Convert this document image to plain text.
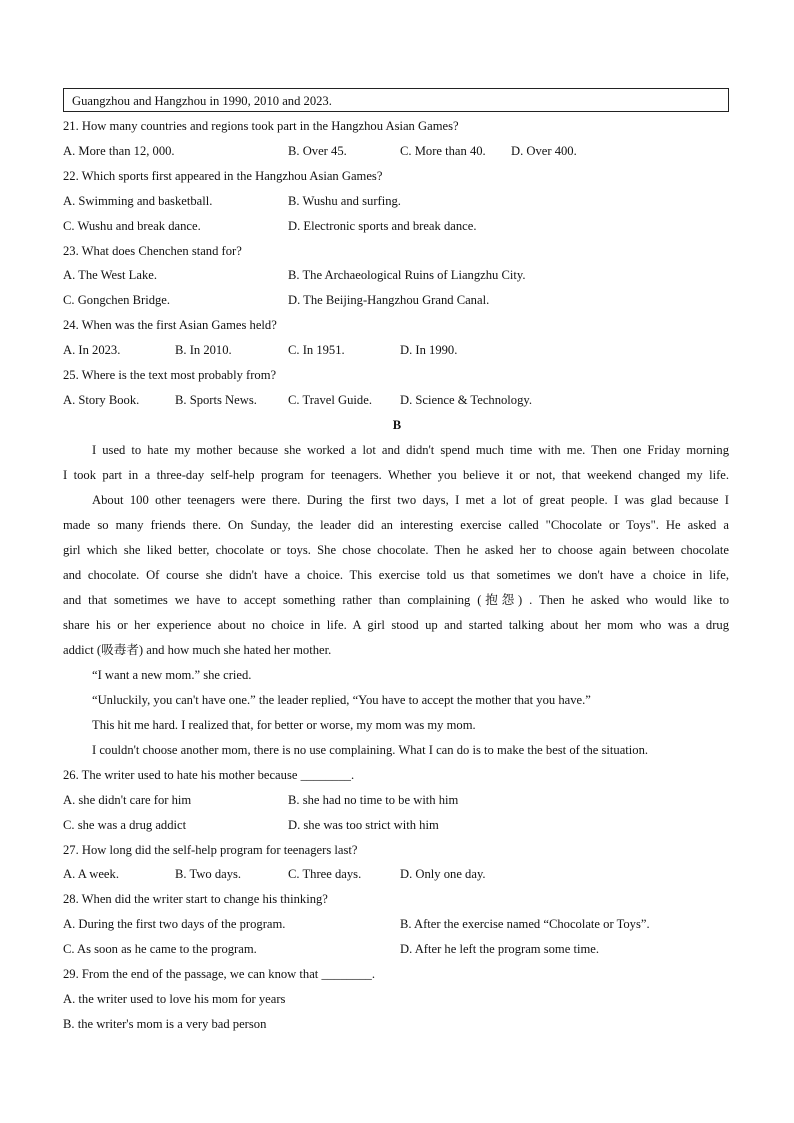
Guangzhou and Hangzhou in 1990, 2010 and 2023.
21. How many countries and regions took part in the Hangzhou Asian Games?
A. More than 12, 000.	B. Over 45.	C. More than 40. D. Over 400.
22. Which sports first appeared in the Hangzhou Asian Games?
A. Swimming and basketball.	B. Wushu and surfing.
C. Wushu and break dance.	D. Electronic sports and break dance.
23. What does Chenchen stand for?
A. The West Lake.	B. The Archaeological Ruins of Liangzhu City.
C. Gongchen Bridge.	D. The Beijing-Hangzhou Grand Canal.
24. When was the first Asian Games held?
A. In 2023.	B. In 2010.	C. In 1951.	D. In 1990.
25. Where is the text most probably from?
A. Story Book.	B. Sports News. C. Travel Guide. D. Science & Technology.
B
I used to hate my mother because she worked a lot and didn't spend much time with me. Then one Friday morning
I took part in a three-day self-help program for teenagers. Whether you believe it or not, that weekend changed my life.
About 100 other teenagers were there. During the first two days, I met a lot of great people. I was glad because I
made so many friends there. On Sunday, the leader did an interesting exercise called "Chocolate or Toys". He asked a
girl which she liked better, chocolate or toys. She chose chocolate. Then he asked her to choose again between chocolate
and chocolate. Of course she didn't have a choice. This exercise told us that sometimes we don't have a choice in life,
and that sometimes we have to accept something rather than complaining (抱怨) . Then he asked who would like to
share his or her experience about no choice in life. A girl stood up and started talking about her mom who was a drug
addict (吸毒者) and how much she hated her mother.
“I want a new mom.” she cried.
“Unluckily, you can't have one.” the leader replied, “You have to accept the mother that you have.”
This hit me hard. I realized that, for better or worse, my mom was my mom.
I couldn't choose another mom, there is no use complaining. What I can do is to make the best of the situation.
26. The writer used to hate his mother because ________.
A. she didn't care for him	B. she had no time to be with him
C. she was a drug addict	D. she was too strict with him
27. How long did the self-help program for teenagers last?
A. A week.	B. Two days.	C. Three days.	D. Only one day.
28. When did the writer start to change his thinking?
A. During the first two days of the program.	B. After the exercise named “Chocolate or Toys”.
C. As soon as he came to the program.	D. After he left the program some time.
29. From the end of the passage, we can know that ________.
A. the writer used to love his mom for years
B. the writer's mom is a very bad person
